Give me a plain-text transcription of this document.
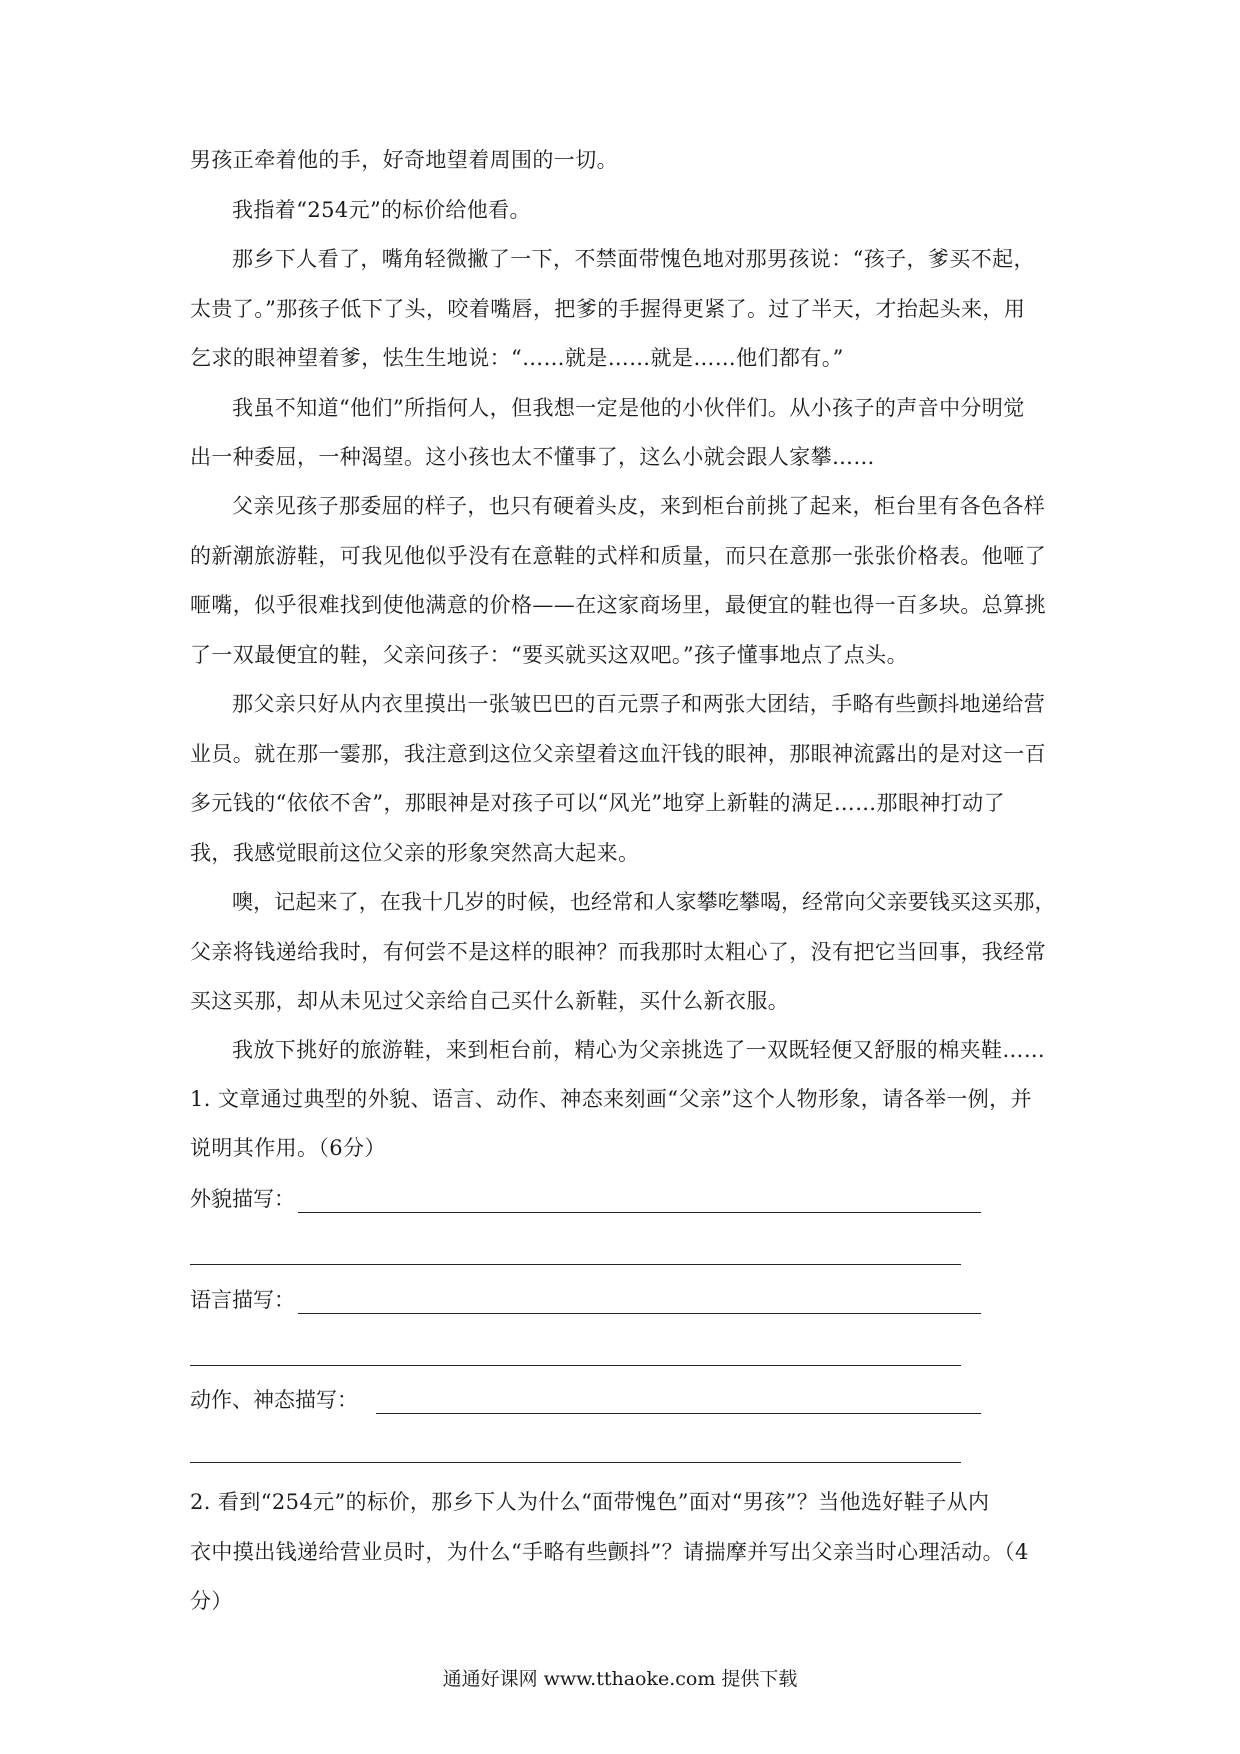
男孩正牵着他的手，好奇地望着周围的一切。
我指着“254元”的标价给他看。
那乡下人看了，嘴角轻微撇了一下，不禁面带愧色地对那男孩说：“孩子，爹买不起，
太贵了。”那孩子低下了头，咬着嘴唇，把爹的手握得更紧了。过了半天，才抬起头来，用
乞求的眼神望着爹，怯生生地说：“……就是……就是……他们都有。”
我虽不知道“他们”所指何人，但我想一定是他的小伙伴们。从小孩子的声音中分明觉
出一种委屈，一种渴望。这小孩也太不懂事了，这么小就会跟人家攀……
父亲见孩子那委屈的样子，也只有硬着头皮，来到柜台前挑了起来，柜台里有各色各样
的新潮旅游鞋，可我见他似乎没有在意鞋的式样和质量，而只在意那一张张价格表。他咂了
咂嘴，似乎很难找到使他满意的价格——在这家商场里，最便宜的鞋也得一百多块。总算挑
了一双最便宜的鞋，父亲问孩子：“要买就买这双吧。”孩子懂事地点了点头。
那父亲只好从内衣里摸出一张皱巴巴的百元票子和两张大团结，手略有些颤抖地递给营
业员。就在那一霎那，我注意到这位父亲望着这血汗钱的眼神，那眼神流露出的是对这一百
多元钱的“依依不舍”，那眼神是对孩子可以“风光”地穿上新鞋的满足……那眼神打动了
我，我感觉眼前这位父亲的形象突然高大起来。
噢，记起来了，在我十几岁的时候，也经常和人家攀吃攀喝，经常向父亲要钱买这买那，
父亲将钱递给我时，有何尝不是这样的眼神？而我那时太粗心了，没有把它当回事，我经常
买这买那，却从未见过父亲给自己买什么新鞋，买什么新衣服。
我放下挑好的旅游鞋，来到柜台前，精心为父亲挑选了一双既轻便又舒服的棉夹鞋……
1. 文章通过典型的外貌、语言、动作、神态来刻画“父亲”这个人物形象，请各举一例，并
说明其作用。（6分）
外貌描写：
语言描写：
动作、神态描写：
2. 看到“254元”的标价，那乡下人为什么“面带愧色”面对“男孩”？当他选好鞋子从内
衣中摸出钱递给营业员时，为什么“手略有些颤抖”？请揣摩并写出父亲当时心理活动。（4
分）
通通好课网 www.tthaoke.com 提供下载
